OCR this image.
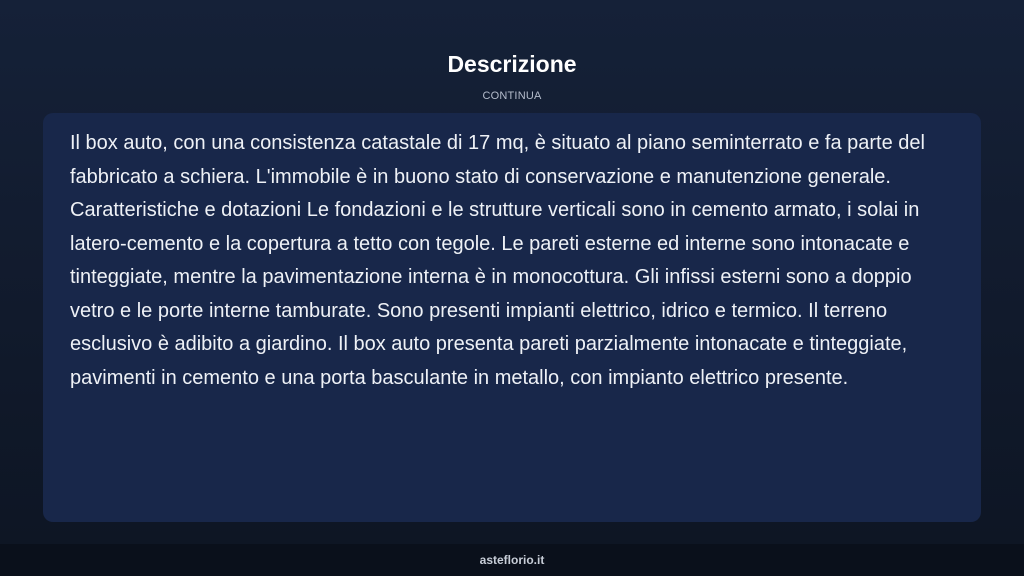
Descrizione
CONTINUA

Il box auto, con una consistenza catastale di 17 mq, è situato al piano seminterrato e fa parte del fabbricato a schiera. L'immobile è in buono stato di conservazione e manutenzione generale. Caratteristiche e dotazioni Le fondazioni e le strutture verticali sono in cemento armato, i solai in latero-cemento e la copertura a tetto con tegole. Le pareti esterne ed interne sono intonacate e tinteggiate, mentre la pavimentazione interna è in monocottura. Gli infissi esterni sono a doppio vetro e le porte interne tamburate. Sono presenti impianti elettrico, idrico e termico. Il terreno esclusivo è adibito a giardino. Il box auto presenta pareti parzialmente intonacate e tinteggiate, pavimenti in cemento e una porta basculante in metallo, con impianto elettrico presente.

asteflorio.it
